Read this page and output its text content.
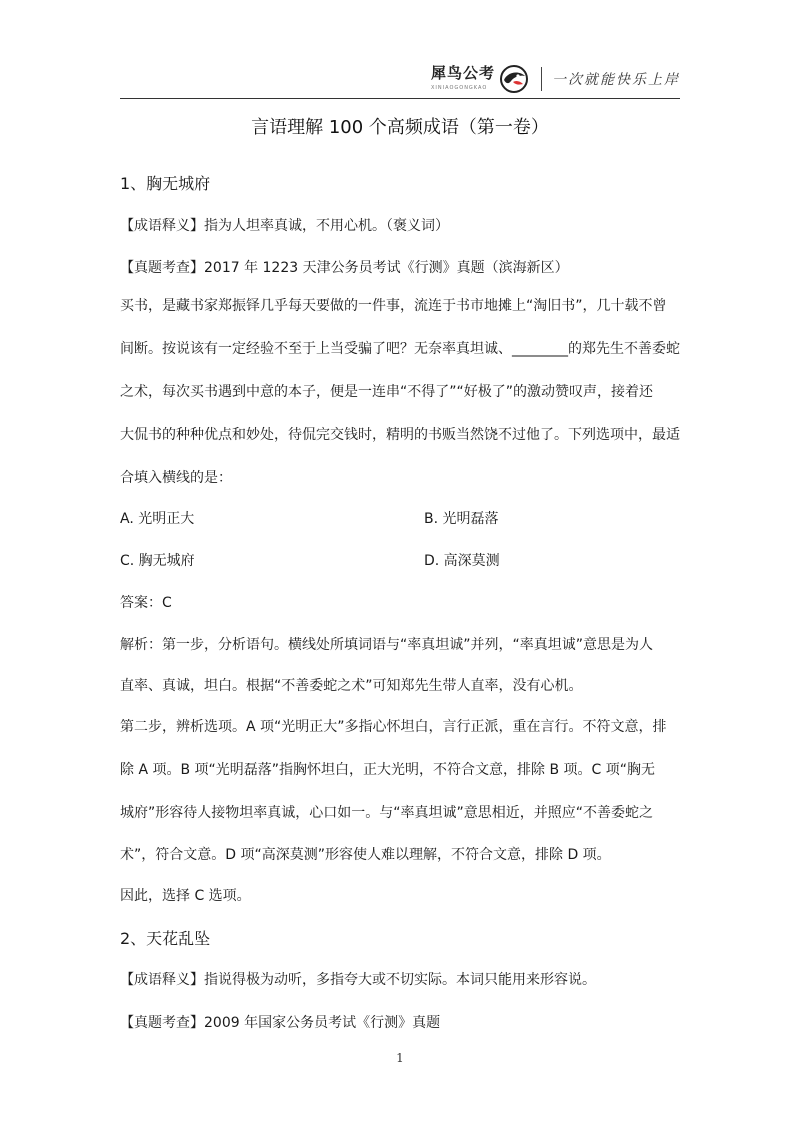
犀鸟公考
XINIAOGONGKAO	一次就能快乐上岸
言语理解 100 个高频成语（第一卷）
1、胸无城府
【成语释义】指为人坦率真诚，不用心机。（褒义词）
【真题考查】2017 年 1223 天津公务员考试《行测》真题（滨海新区）
买书，是藏书家郑振铎几乎每天要做的一件事，流连于书市地摊上“淘旧书”，几十载不曾
间断。按说该有一定经验不至于上当受骗了吧？无奈率真坦诚、________的郑先生不善委蛇
之术，每次买书遇到中意的本子，便是一连串“不得了”“好极了”的激动赞叹声，接着还
大侃书的种种优点和妙处，待侃完交钱时，精明的书贩当然饶不过他了。下列选项中，最适
合填入横线的是：
A. 光明正大	B. 光明磊落
C. 胸无城府	D. 高深莫测
答案：C
解析：第一步，分析语句。横线处所填词语与“率真坦诚”并列，“率真坦诚”意思是为人
直率、真诚，坦白。根据“不善委蛇之术”可知郑先生带人直率，没有心机。
第二步，辨析选项。A 项“光明正大”多指心怀坦白，言行正派，重在言行。不符文意，排
除 A 项。B 项“光明磊落”指胸怀坦白，正大光明，不符合文意，排除 B 项。C 项“胸无
城府”形容待人接物坦率真诚，心口如一。与“率真坦诚”意思相近，并照应“不善委蛇之
术”，符合文意。D 项“高深莫测”形容使人难以理解，不符合文意，排除 D 项。
因此，选择 C 选项。
2、天花乱坠
【成语释义】指说得极为动听，多指夸大或不切实际。本词只能用来形容说。
【真题考查】2009 年国家公务员考试《行测》真题
1
